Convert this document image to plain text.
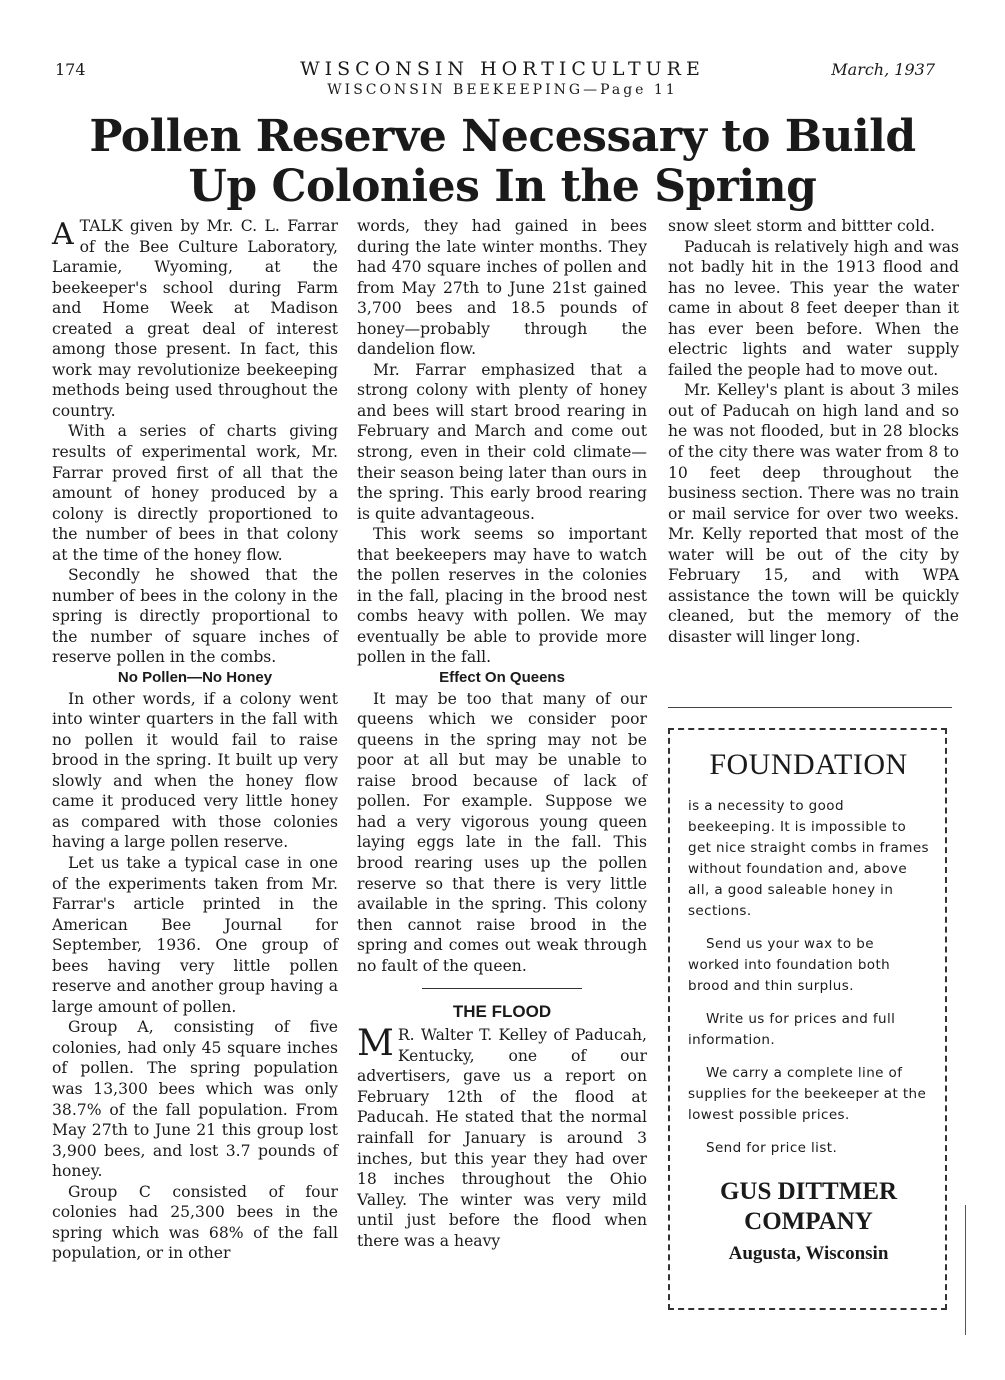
174	WISCONSIN HORTICULTURE
WISCONSIN BEEKEEPING—Page 11
March, 1937
Pollen Reserve Necessary to Build Up Colonies In the Spring

ATALK given by Mr. C. L. Farrar of the Bee Culture Laboratory, Laramie, Wyoming, at the beekeeper's school during Farm and Home Week at Madison created a great deal of interest among those present. In fact, this work may revolutionize beekeeping methods being used throughout the country.

With a series of charts giving results of experimental work, Mr. Farrar proved first of all that the amount of honey produced by a colony is directly proportioned to the number of bees in that colony at the time of the honey flow.

Secondly he showed that the number of bees in the colony in the spring is directly proportional to the number of square inches of reserve pollen in the combs.

No Pollen—No Honey

In other words, if a colony went into winter quarters in the fall with no pollen it would fail to raise brood in the spring. It built up very slowly and when the honey flow came it produced very little honey as compared with those colonies having a large pollen reserve.

Let us take a typical case in one of the experiments taken from Mr. Farrar's article printed in the American Bee Journal for September, 1936. One group of bees having very little pollen reserve and another group having a large amount of pollen.

Group A, consisting of five colonies, had only 45 square inches of pollen. The spring population was 13,300 bees which was only 38.7% of the fall population. From May 27th to June 21 this group lost 3,900 bees, and lost 3.7 pounds of honey.

Group C consisted of four colonies had 25,300 bees in the spring which was 68% of the fall population, or in other

words, they had gained in bees during the late winter months. They had 470 square inches of pollen and from May 27th to June 21st gained 3,700 bees and 18.5 pounds of honey—probably through the dandelion flow.

Mr. Farrar emphasized that a strong colony with plenty of honey and bees will start brood rearing in February and March and come out strong, even in their cold climate—their season being later than ours in the spring. This early brood rearing is quite advantageous.

This work seems so important that beekeepers may have to watch the pollen reserves in the colonies in the fall, placing in the brood nest combs heavy with pollen. We may eventually be able to provide more pollen in the fall.

Effect On Queens

It may be too that many of our queens which we consider poor queens in the spring may not be poor at all but may be unable to raise brood because of lack of pollen. For example. Suppose we had a very vigorous young queen laying eggs late in the fall. This brood rearing uses up the pollen reserve so that there is very little available in the spring. This colony then cannot raise brood in the spring and comes out weak through no fault of the queen.

THE FLOOD

M R. Walter T. Kelley of Paducah, Kentucky, one of our advertisers, gave us a report on February 12th of the flood at Paducah. He stated that the normal rainfall for January is around 3 inches, but this year they had over 18 inches throughout the Ohio Valley. The winter was very mild until just before the flood when there was a heavy

snow sleet storm and bittter cold.

Paducah is relatively high and was not badly hit in the 1913 flood and has no levee. This year the water came in about 8 feet deeper than it has ever been before. When the electric lights and water supply failed the people had to move out.

Mr. Kelley's plant is about 3 miles out of Paducah on high land and so he was not flooded, but in 28 blocks of the city there was water from 8 to 10 feet deep throughout the business section. There was no train or mail service for over two weeks. Mr. Kelly reported that most of the water will be out of the city by February 15, and with WPA assistance the town will be quickly cleaned, but the memory of the disaster will linger long.

FOUNDATION

is a necessity to good beekeeping. It is impossible to get nice straight combs in frames without foundation and, above all, a good saleable honey in sections.

Send us your wax to be worked into foundation both brood and thin surplus.

Write us for prices and full information.

We carry a complete line of supplies for the beekeeper at the lowest possible prices.

Send for price list.

GUS DITTMER COMPANY
Augusta, Wisconsin
